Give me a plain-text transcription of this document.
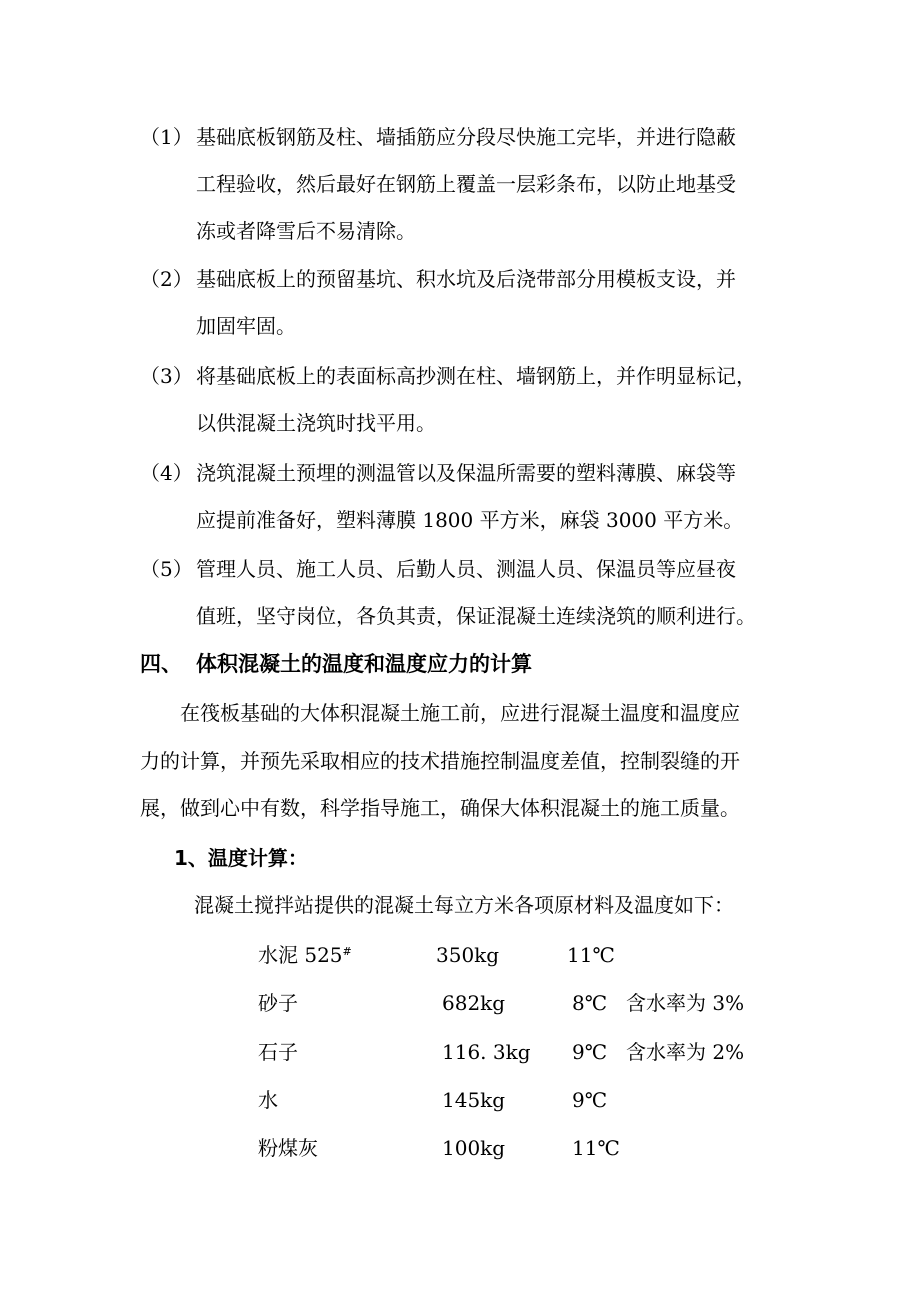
（1） 基础底板钢筋及柱、墙插筋应分段尽快施工完毕，并进行隐蔽
工程验收，然后最好在钢筋上覆盖一层彩条布，以防止地基受
冻或者降雪后不易清除。
（2） 基础底板上的预留基坑、积水坑及后浇带部分用模板支设，并
加固牢固。
（3） 将基础底板上的表面标高抄测在柱、墙钢筋上，并作明显标记，
以供混凝土浇筑时找平用。
（4） 浇筑混凝土预埋的测温管以及保温所需要的塑料薄膜、麻袋等
应提前准备好，塑料薄膜 1800 平方米，麻袋 3000 平方米。
（5） 管理人员、施工人员、后勤人员、测温人员、保温员等应昼夜
值班，坚守岗位，各负其责，保证混凝土连续浇筑的顺利进行。
四、 体积混凝土的温度和温度应力的计算
在筏板基础的大体积混凝土施工前，应进行混凝土温度和温度应
力的计算，并预先采取相应的技术措施控制温度差值，控制裂缝的开
展，做到心中有数，科学指导施工，确保大体积混凝土的施工质量。
1、温度计算：
混凝土搅拌站提供的混凝土每立方米各项原材料及温度如下：
水泥 525#	350kg	11℃
砂子	682kg	8℃ 含水率为 3%
石子	116. 3kg 9℃ 含水率为 2%
水	145kg	9℃
粉煤灰	100kg	11℃
